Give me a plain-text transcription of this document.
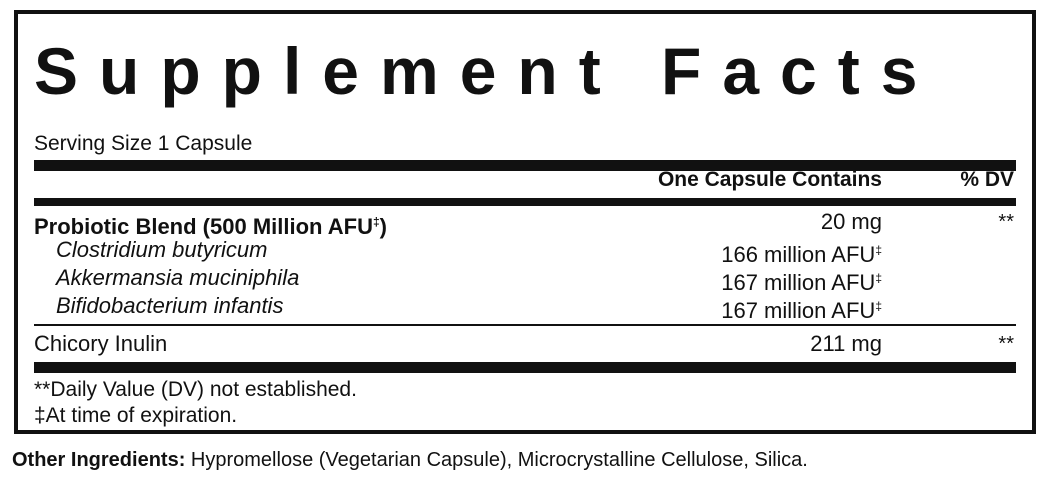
Supplement Facts
Serving Size 1 Capsule
One Capsule Contains	% DV
Probiotic Blend (500 Million AFU‡)	20 mg	**
Clostridium butyricum	166 million AFU‡
Akkermansia muciniphila	167 million AFU‡
Bifidobacterium infantis	167 million AFU‡
Chicory Inulin	211 mg	**
**Daily Value (DV) not established.
‡At time of expiration.
Other Ingredients: Hypromellose (Vegetarian Capsule), Microcrystalline Cellulose, Silica.
